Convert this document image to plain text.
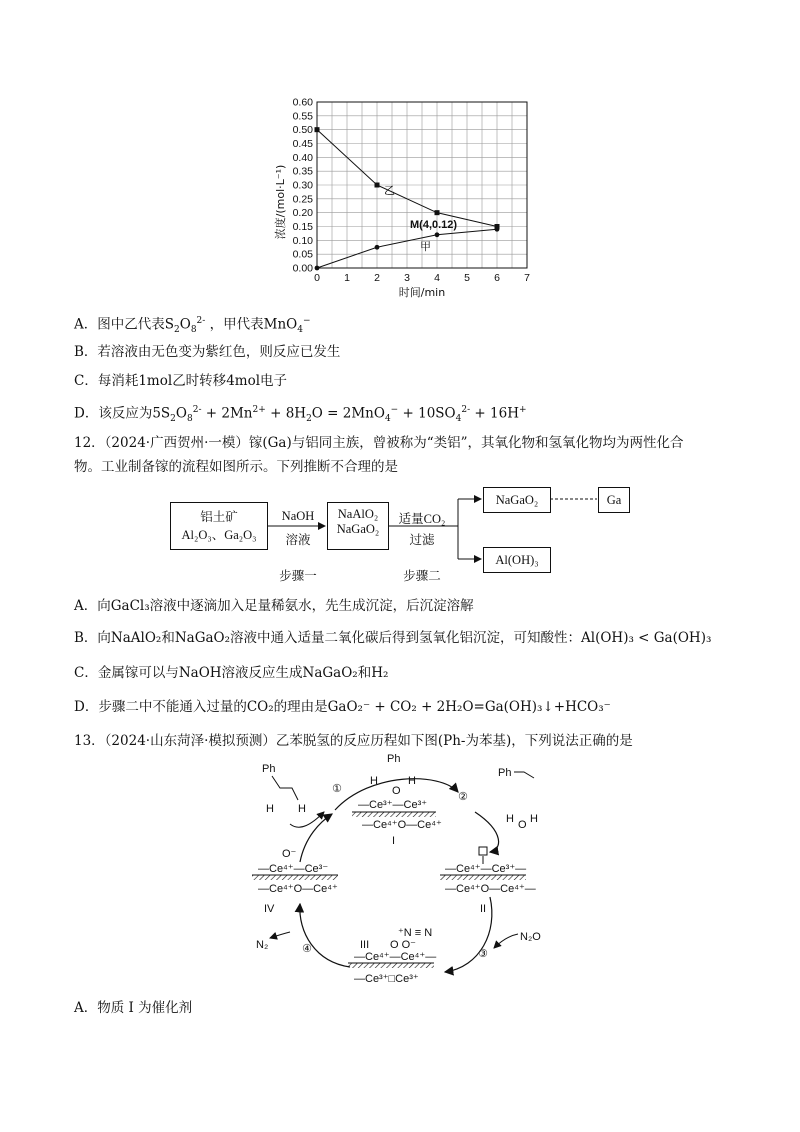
0 1 2 3 4 5 6 7
0.00
0.05
0.10
0.15
0.20
0.25
0.30
0.35
0.40
0.45
0.50
0.55
0.60
时间/min
浓度/(mol·L⁻¹)	M(4,0.12)
乙
甲
A．图中乙代表$S_2O_8^{2-}$ ，甲代表MnO$_4$−
B．若溶液由无色变为紫红色，则反应已发生
C．每消耗1mol乙时转移4mol电子
D．该反应为$5S_2O_8^{2-} + 2Mn^{2+} + 8H_2O = 2MnO_4^- + 10SO_4^{2-} + 16H^+$
12．（2024·广西贺州·一模）镓(Ga)与铝同主族，曾被称为“类铝”，其氧化物和氢氧化物均为两性化合
物。工业制备镓的流程如图所示。下列推断不合理的是
铝土矿
Al₂O₃、Ga₂O₃
NaAlO₂
NaGaO₂
NaGaO₂	Ga
Al(OH)₃
NaOH
溶液
适量CO₂
过滤
步骤一	步骤二
A．向GaCl₃溶液中逐滴加入足量稀氨水，先生成沉淀，后沉淀溶解
B．向NaAlO₂和NaGaO₂溶液中通入适量二氧化碳后得到氢氧化铝沉淀，可知酸性：Al(OH)₃ < Ga(OH)₃
C．金属镓可以与NaOH溶液反应生成NaGaO₂和H₂
D．步骤二中不能通入过量的CO₂的理由是GaO₂⁻ + CO₂ + 2H₂O=Ga(OH)₃↓+HCO₃⁻
13．（2024·山东菏泽·模拟预测）乙苯脱氢的反应历程如下图(Ph-为苯基)，下列说法正确的是
①
②
③
④
Ph
H H
Ph
H	H
O
—Ce³⁺—Ce³⁺
—Ce⁴⁺O—Ce⁴⁺
I
Ph
H O H
—Ce⁴⁺—Ce³⁺—
—Ce⁴⁺O—Ce⁴⁺—
II
N₂O
⁺N ≡ N
O O⁻
III
—Ce⁴⁺—Ce⁴⁺—
—Ce³⁺□Ce³⁺
N₂
O⁻
—Ce⁴⁺—Ce³⁻
—Ce⁴⁺O—Ce⁴⁺
IV
A．物质 I 为催化剂
